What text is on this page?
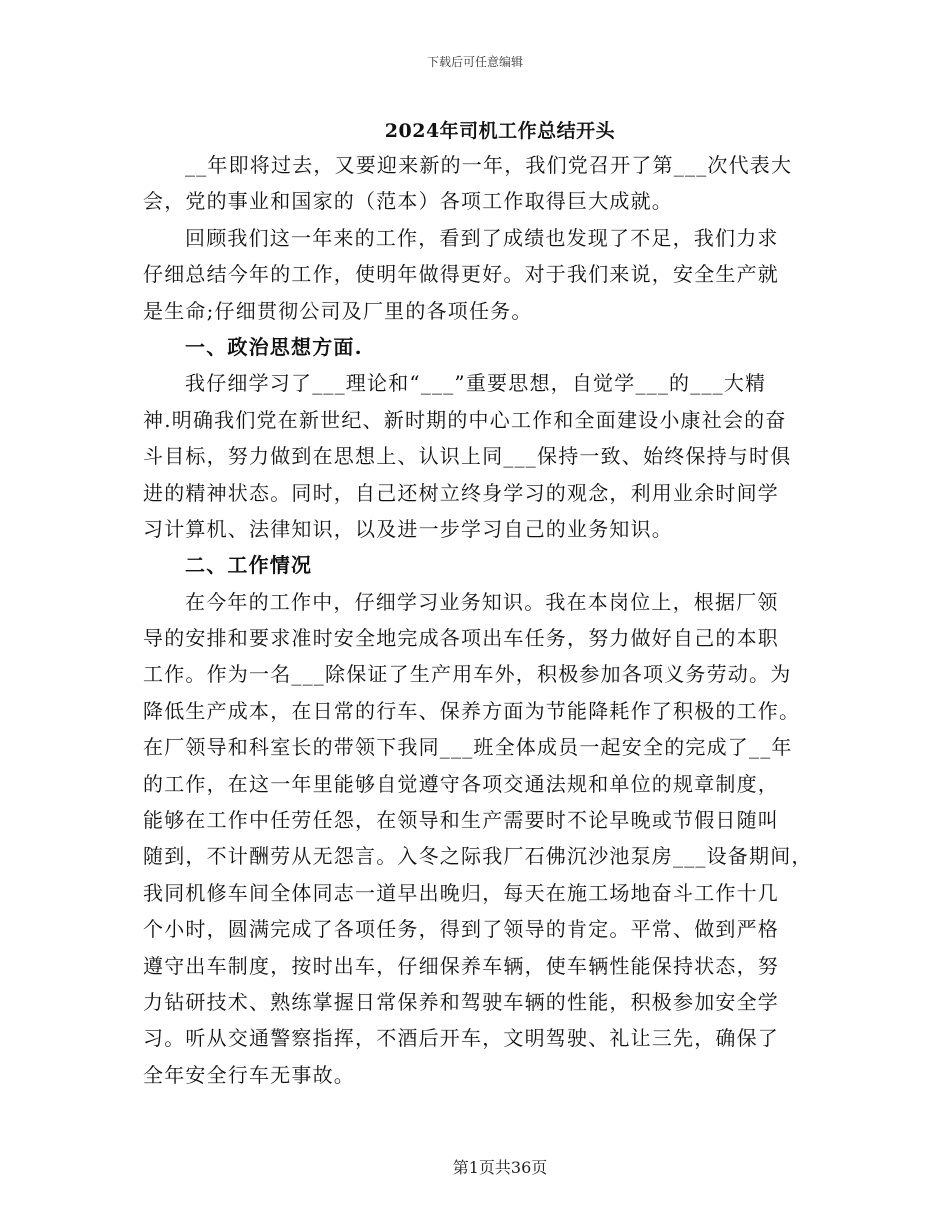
下载后可任意编辑
2024年司机工作总结开头
__年即将过去，又要迎来新的一年，我们党召开了第___次代表大
会，党的事业和国家的（范本）各项工作取得巨大成就。
回顾我们这一年来的工作，看到了成绩也发现了不足，我们力求
仔细总结今年的工作，使明年做得更好。对于我们来说，安全生产就
是生命;仔细贯彻公司及厂里的各项任务。
一、政治思想方面.
我仔细学习了___理论和“___”重要思想，自觉学___的___大精
神.明确我们党在新世纪、新时期的中心工作和全面建设小康社会的奋
斗目标，努力做到在思想上、认识上同___保持一致、始终保持与时俱
进的精神状态。同时，自己还树立终身学习的观念，利用业余时间学
习计算机、法律知识，以及进一步学习自己的业务知识。
二、工作情况
在今年的工作中，仔细学习业务知识。我在本岗位上，根据厂领
导的安排和要求准时安全地完成各项出车任务，努力做好自己的本职
工作。作为一名___除保证了生产用车外，积极参加各项义务劳动。为
降低生产成本，在日常的行车、保养方面为节能降耗作了积极的工作。
在厂领导和科室长的带领下我同___班全体成员一起安全的完成了__年
的工作，在这一年里能够自觉遵守各项交通法规和单位的规章制度，
能够在工作中任劳任怨，在领导和生产需要时不论早晚或节假日随叫
随到，不计酬劳从无怨言。入冬之际我厂石佛沉沙池泵房___设备期间，
我同机修车间全体同志一道早出晚归，每天在施工场地奋斗工作十几
个小时，圆满完成了各项任务，得到了领导的肯定。平常、做到严格
遵守出车制度，按时出车，仔细保养车辆，使车辆性能保持状态，努
力钻研技术、熟练掌握日常保养和驾驶车辆的性能，积极参加安全学
习。听从交通警察指挥，不酒后开车，文明驾驶、礼让三先，确保了
全年安全行车无事故。
第1页共36页
